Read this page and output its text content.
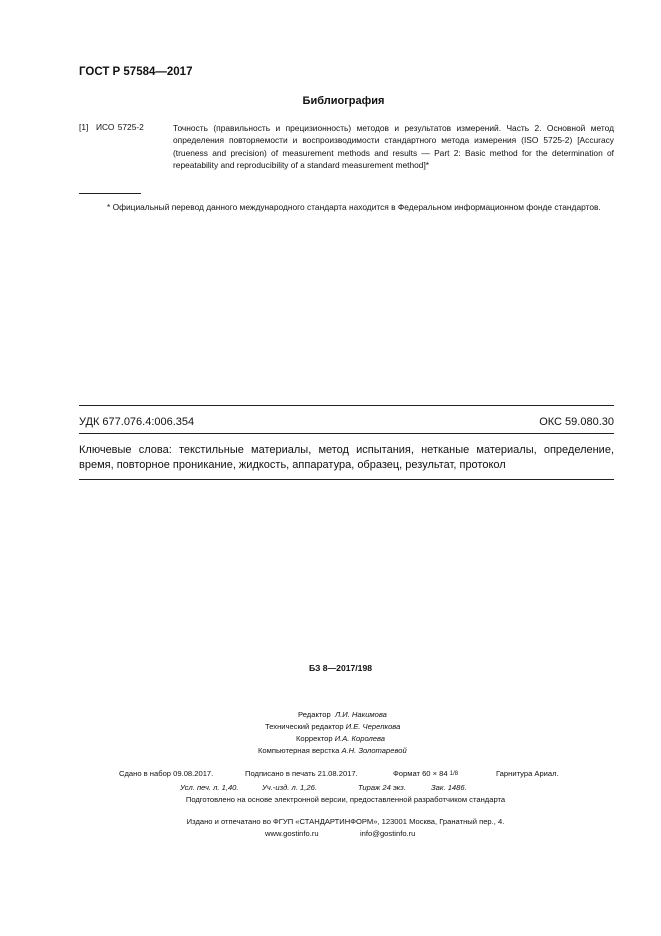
ГОСТ Р 57584—2017
Библиография
[1] ИСО 5725-2	Точность (правильность и прецизионность) методов и результатов измерений. Часть 2. Основной метод определения повторяемости и воспроизводимости стандартного метода измерения (ISO 5725-2) [Accuracy (trueness and precision) of measurement methods and results — Part 2: Basic method for the determination of repeatability and reproducibility of a standard measurement method]*
* Официальный перевод данного международного стандарта находится в Федеральном информационном фонде стандартов.
УДК 677.076.4:006.354	ОКС 59.080.30
Ключевые слова: текстильные материалы, метод испытания, нетканые материалы, определение, время, повторное проникание, жидкость, аппаратура, образец, результат, протокол
БЗ 8—2017/198
Редактор Л.И. Накимова
Технический редактор И.Е. Черепкова
Корректор И.А. Королева
Компьютерная верстка А.Н. Золотаревой
Сдано в набор 09.08.2017.	Подписано в печать 21.08.2017.	Формат 60 × 84 1/8	Гарнитура Ариал.
Усл. печ. л. 1,40.	Уч.-изд. л. 1,26.	Тираж 24 экз.	Зак. 1486.
Подготовлено на основе электронной версии, предоставленной разработчиком стандарта
Издано и отпечатано во ФГУП «СТАНДАРТИНФОРМ», 123001 Москва, Гранатный пер., 4.
www.gostinfo.ru	info@gostinfo.ru
